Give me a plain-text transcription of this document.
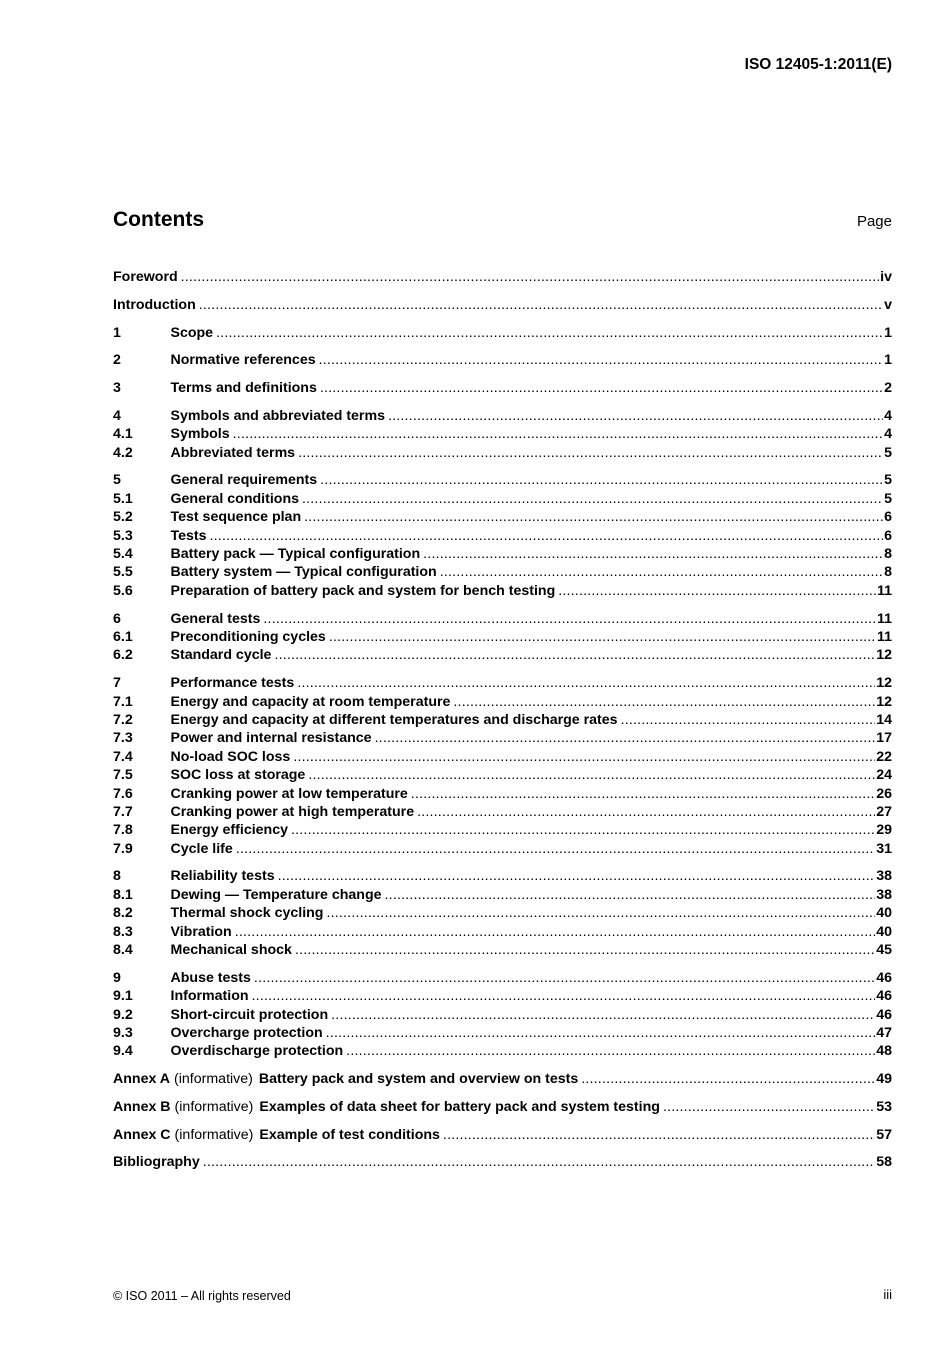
ISO 12405-1:2011(E)
Contents	Page
Foreword .....	iv
Introduction .....	v
1	Scope .....	1
2	Normative references .....	1
3	Terms and definitions .....	2
4	Symbols and abbreviated terms .....	4
4.1	Symbols .....	4
4.2	Abbreviated terms .....	5
5	General requirements .....	5
5.1	General conditions .....	5
5.2	Test sequence plan .....	6
5.3	Tests .....	6
5.4	Battery pack — Typical configuration .....	8
5.5	Battery system — Typical configuration .....	8
5.6	Preparation of battery pack and system for bench testing .....	11
6	General tests .....	11
6.1	Preconditioning cycles .....	11
6.2	Standard cycle .....	12
7	Performance tests .....	12
7.1	Energy and capacity at room temperature .....	12
7.2	Energy and capacity at different temperatures and discharge rates .....	14
7.3	Power and internal resistance .....	17
7.4	No-load SOC loss .....	22
7.5	SOC loss at storage .....	24
7.6	Cranking power at low temperature .....	26
7.7	Cranking power at high temperature .....	27
7.8	Energy efficiency .....	29
7.9	Cycle life .....	31
8	Reliability tests .....	38
8.1	Dewing — Temperature change .....	38
8.2	Thermal shock cycling .....	40
8.3	Vibration .....	40
8.4	Mechanical shock .....	45
9	Abuse tests .....	46
9.1	Information .....	46
9.2	Short-circuit protection .....	46
9.3	Overcharge protection .....	47
9.4	Overdischarge protection .....	48
Annex A (informative) Battery pack and system and overview on tests .....	49
Annex B (informative) Examples of data sheet for battery pack and system testing .....	53
Annex C (informative) Example of test conditions .....	57
Bibliography .....	58
© ISO 2011 – All rights reserved	iii
